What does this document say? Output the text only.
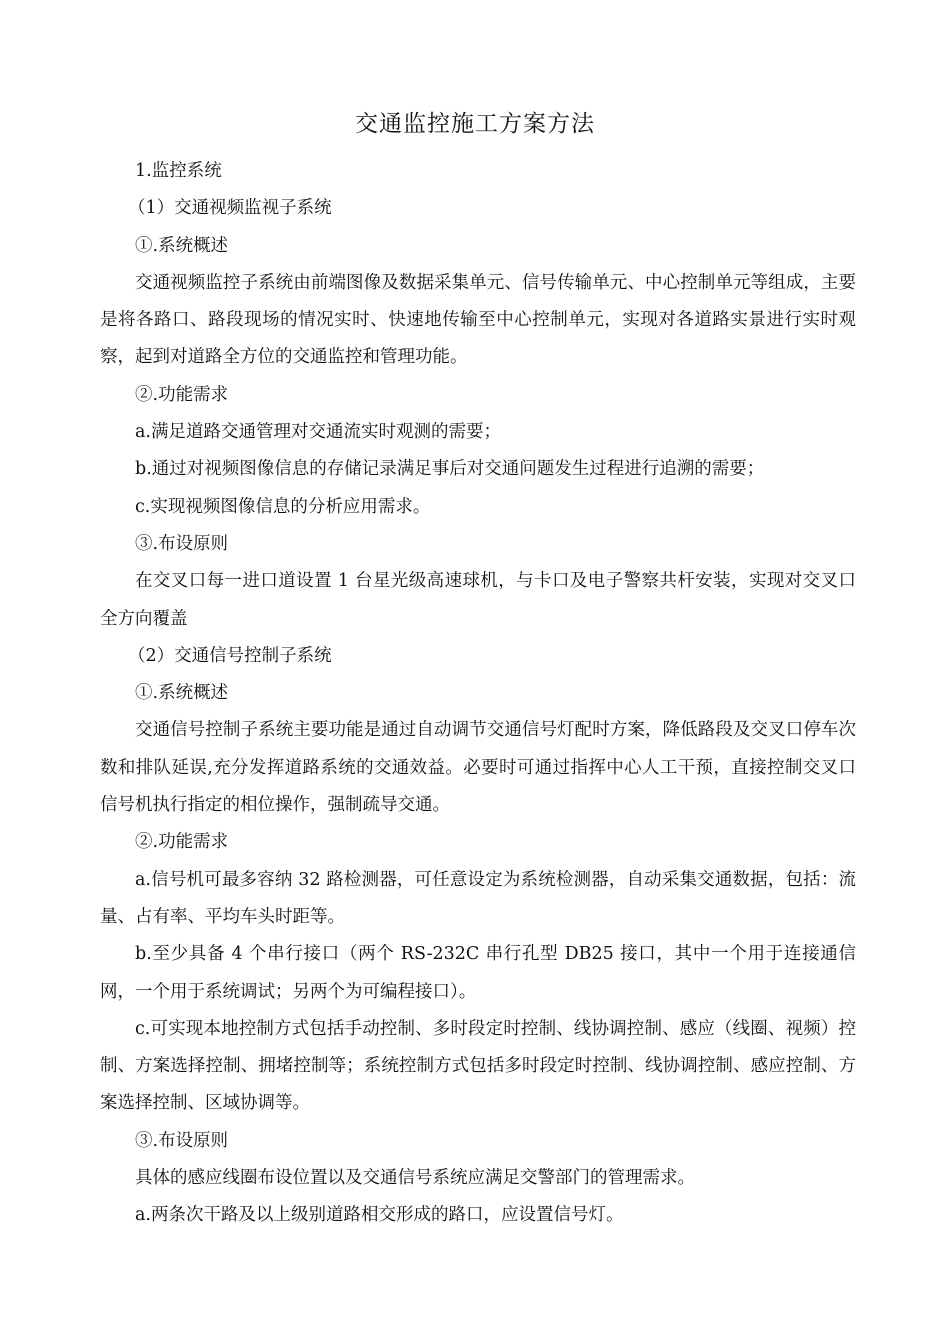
交通监控施工方案方法

1.监控系统

（1）交通视频监视子系统

①.系统概述

交通视频监控子系统由前端图像及数据采集单元、信号传输单元、中心控制单元等组成，主要是将各路口、路段现场的情况实时、快速地传输至中心控制单元，实现对各道路实景进行实时观察，起到对道路全方位的交通监控和管理功能。

②.功能需求

a.满足道路交通管理对交通流实时观测的需要；

b.通过对视频图像信息的存储记录满足事后对交通问题发生过程进行追溯的需要；

c.实现视频图像信息的分析应用需求。

③.布设原则

在交叉口每一进口道设置 1 台星光级高速球机，与卡口及电子警察共杆安装，实现对交叉口全方向覆盖

（2）交通信号控制子系统

①.系统概述

交通信号控制子系统主要功能是通过自动调节交通信号灯配时方案，降低路段及交叉口停车次数和排队延误,充分发挥道路系统的交通效益。必要时可通过指挥中心人工干预，直接控制交叉口信号机执行指定的相位操作，强制疏导交通。

②.功能需求

a.信号机可最多容纳 32 路检测器，可任意设定为系统检测器，自动采集交通数据，包括：流量、占有率、平均车头时距等。

b.至少具备 4 个串行接口（两个 RS-232C 串行孔型 DB25 接口，其中一个用于连接通信网，一个用于系统调试；另两个为可编程接口）。

c.可实现本地控制方式包括手动控制、多时段定时控制、线协调控制、感应（线圈、视频）控制、方案选择控制、拥堵控制等；系统控制方式包括多时段定时控制、线协调控制、感应控制、方案选择控制、区域协调等。

③.布设原则

具体的感应线圈布设位置以及交通信号系统应满足交警部门的管理需求。

a.两条次干路及以上级别道路相交形成的路口，应设置信号灯。
